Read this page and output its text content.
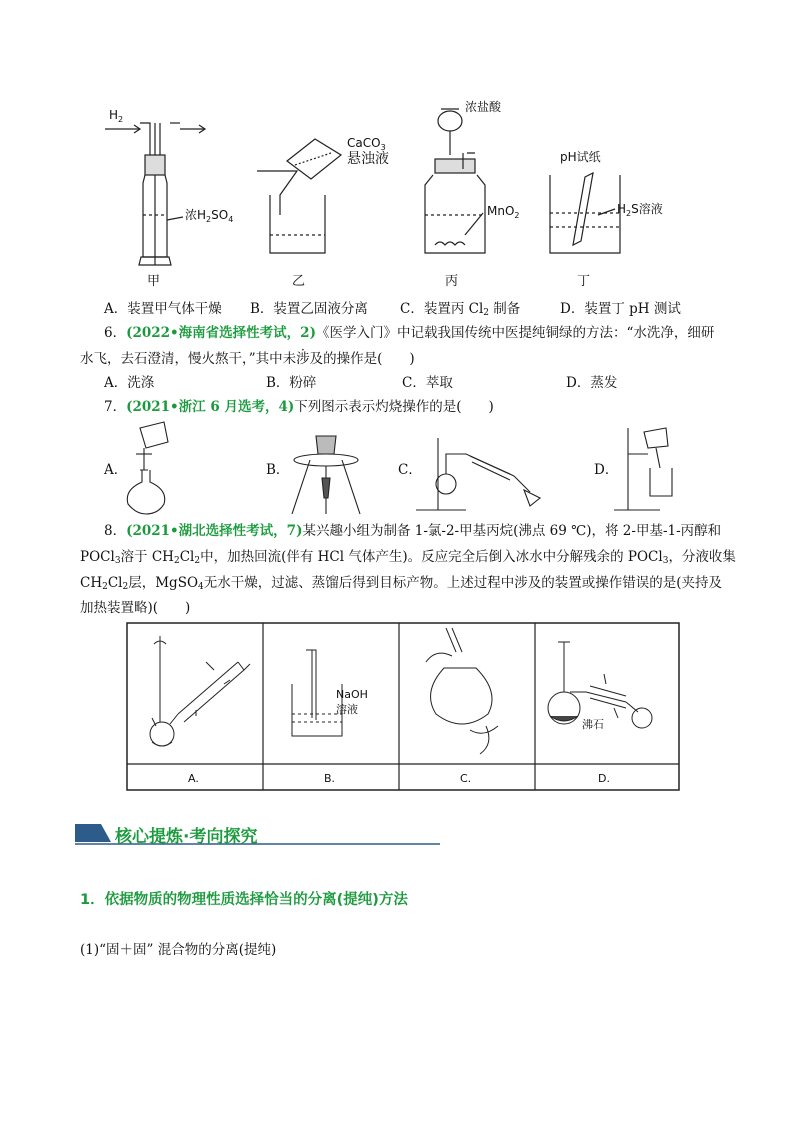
$H_2$
浓$H_2SO_4$
CaCO$_3$
悬浊液
浓盐酸
MnO$_2$
pH试纸
$H_2S$溶液
甲	乙	丙	丁
A．装置甲气体干燥 B．装置乙固液分离 C．装置丙 $Cl_2$ 制备	D．装置丁 pH 测试
6．(2022•海南省选择性考试，2)《医学入门》中记载我国传统中医提纯铜绿的方法：“水洗净，细研
水飞，去石澄清，慢火熬干，”其中未涉及的操作是(　　)
A．洗涤	B．粉碎	C．萃取	D．蒸发
7．(2021•浙江 6 月选考，4)下列图示表示灼烧操作的是(　　)
A．	B．	C．	D．
8．(2021•湖北选择性考试，7)某兴趣小组为制备 1-氯-2-甲基丙烷(沸点 69 ℃)，将 2-甲基-1-丙醇和
POCl$_3$溶于 $CH_2Cl_2$中，加热回流(伴有 HCl 气体产生)。反应完全后倒入冰水中分解残余的 POCl$_3$，分液收集
$CH_2Cl_2$层，MgSO$_4$无水干燥，过滤、蒸馏后得到目标产物。上述过程中涉及的装置或操作错误的是(夹持及
加热装置略)(　　)
NaOH
溶液
沸石
A.	B.	C.	D.
核心提炼·考向探究
1．依据物质的物理性质选择恰当的分离(提纯)方法
(1)“固＋固” 混合物的分离(提纯)
